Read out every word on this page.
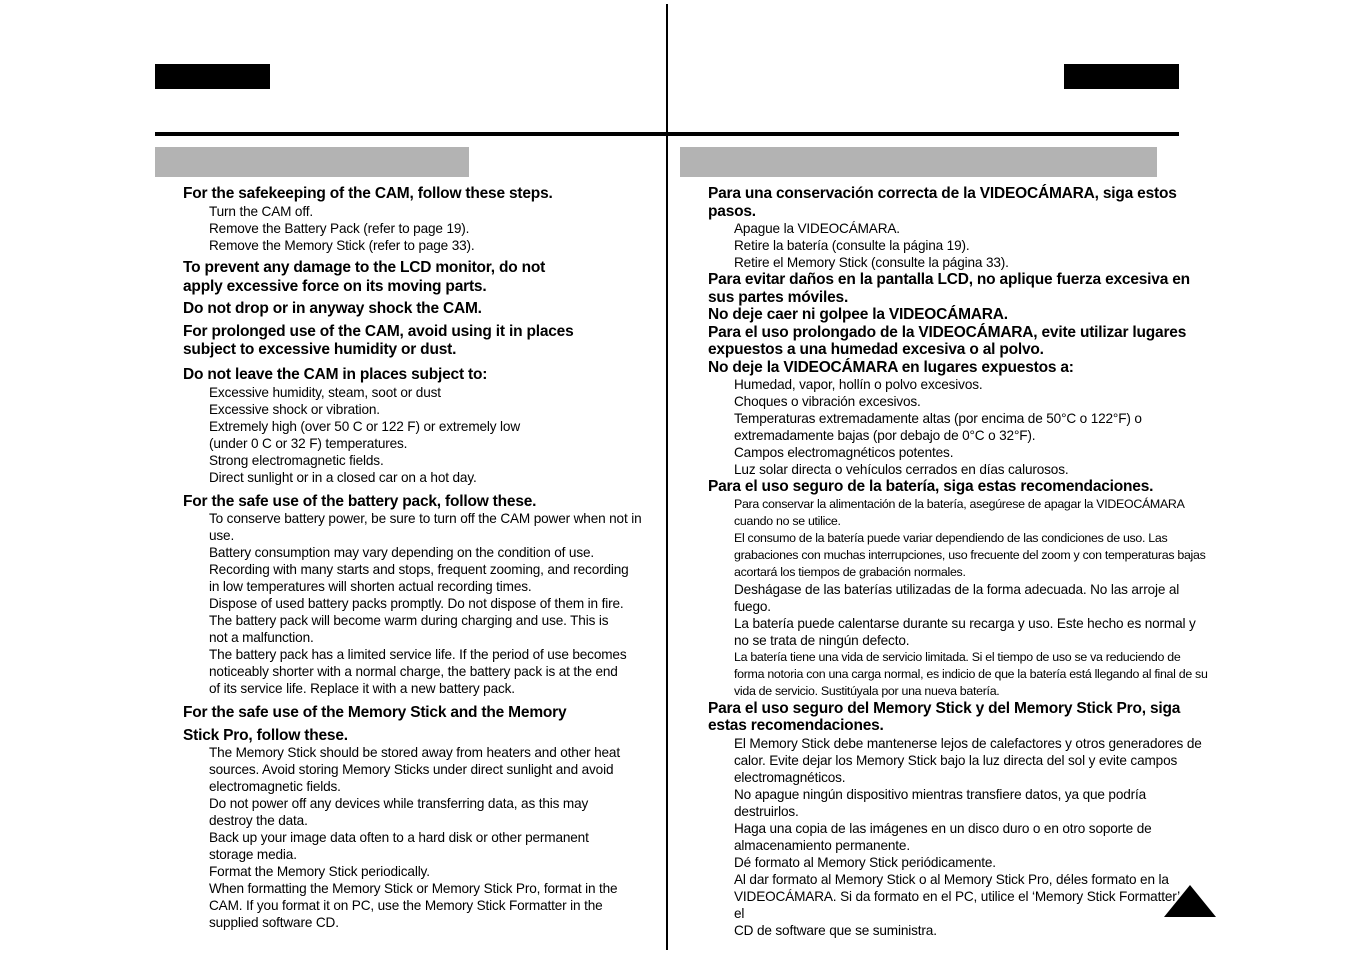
For the safekeeping of the CAM, follow these steps.

Turn the CAM off.

Remove the Battery Pack (refer to page 19).

Remove the Memory Stick (refer to page 33).

To prevent any damage to the LCD monitor, do not
apply excessive force on its moving parts.

Do not drop or in anyway shock the CAM.

For prolonged use of the CAM, avoid using it in places
subject to excessive humidity or dust.

Do not leave the CAM in places subject to:

Excessive humidity, steam, soot or dust

Excessive shock or vibration.

Extremely high (over 50 C or 122 F) or extremely low
(under 0 C or 32 F) temperatures.

Strong electromagnetic fields.

Direct sunlight or in a closed car on a hot day.

For the safe use of the battery pack, follow these.

To conserve battery power, be sure to turn off the CAM power when not in use.

Battery consumption may vary depending on the condition of use.

Recording with many starts and stops, frequent zooming, and recording
in low temperatures will shorten actual recording times.

Dispose of used battery packs promptly. Do not dispose of them in fire.

The battery pack will become warm during charging and use. This is
not a malfunction.

The battery pack has a limited service life. If the period of use becomes
noticeably shorter with a normal charge, the battery pack is at the end
of its service life. Replace it with a new battery pack.

For the safe use of the Memory Stick and the Memory

Stick Pro, follow these.

The Memory Stick should be stored away from heaters and other heat
sources. Avoid storing Memory Sticks under direct sunlight and avoid
electromagnetic fields.

Do not power off any devices while transferring data, as this may
destroy the data.

Back up your image data often to a hard disk or other permanent
storage media.

Format the Memory Stick periodically.

When formatting the Memory Stick or Memory Stick Pro, format in the
CAM. If you format it on PC, use the Memory Stick Formatter in the
supplied software CD.

Para una conservación correcta de la VIDEOCÁMARA, siga estos
pasos.

Apague la VIDEOCÁMARA.

Retire la batería (consulte la página 19).

Retire el Memory Stick (consulte la página 33).

Para evitar daños en la pantalla LCD, no aplique fuerza excesiva en
sus partes móviles.

No deje caer ni golpee la VIDEOCÁMARA.

Para el uso prolongado de la VIDEOCÁMARA, evite utilizar lugares
expuestos a una humedad excesiva o al polvo.

No deje la VIDEOCÁMARA en lugares expuestos a:

Humedad, vapor, hollín o polvo excesivos.

Choques o vibración excesivos.

Temperaturas extremadamente altas (por encima de 50°C o 122°F) o
extremadamente bajas (por debajo de 0°C o 32°F).

Campos electromagnéticos potentes.

Luz solar directa o vehículos cerrados en días calurosos.

Para el uso seguro de la batería, siga estas recomendaciones.

Para conservar la alimentación de la batería, asegúrese de apagar la VIDEOCÁMARA
cuando no se utilice.

El consumo de la batería puede variar dependiendo de las condiciones de uso. Las
grabaciones con muchas interrupciones, uso frecuente del zoom y con temperaturas bajas
acortará los tiempos de grabación normales.

Deshágase de las baterías utilizadas de la forma adecuada. No las arroje al
fuego.

La batería puede calentarse durante su recarga y uso. Este hecho es normal y
no se trata de ningún defecto.

La batería tiene una vida de servicio limitada. Si el tiempo de uso se va reduciendo de
forma notoria con una carga normal, es indicio de que la batería está llegando al final de su
vida de servicio. Sustitúyala por una nueva batería.

Para el uso seguro del Memory Stick y del Memory Stick Pro, siga
estas recomendaciones.

El Memory Stick debe mantenerse lejos de calefactores y otros generadores de
calor. Evite dejar los Memory Stick bajo la luz directa del sol y evite campos
electromagnéticos.

No apague ningún dispositivo mientras transfiere datos, ya que podría destruirlos.

Haga una copia de las imágenes en un disco duro o en otro soporte de
almacenamiento permanente.

Dé formato al Memory Stick periódicamente.

Al dar formato al Memory Stick o al Memory Stick Pro, déles formato en la
VIDEOCÁMARA. Si da formato en el PC, utilice el ‘Memory Stick Formatter’ en el
CD de software que se suministra.
